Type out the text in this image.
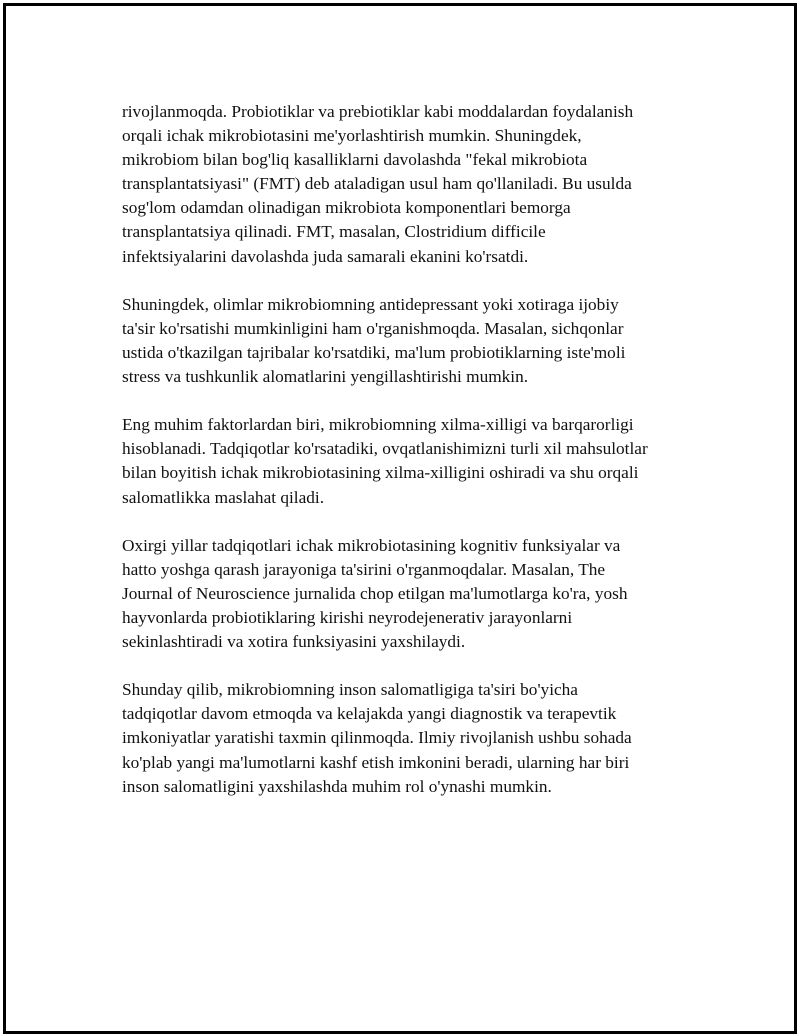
rivojlanmoqda. Probiotiklar va prebiotiklar kabi moddalardan foydalanish
orqali ichak mikrobiotasini me'yorlashtirish mumkin. Shuningdek,
mikrobiom bilan bog'liq kasalliklarni davolashda "fekal mikrobiota
transplantatsiyasi" (FMT) deb ataladigan usul ham qo'llaniladi. Bu usulda
sog'lom odamdan olinadigan mikrobiota komponentlari bemorga
transplantatsiya qilinadi. FMT, masalan, Clostridium difficile
infektsiyalarini davolashda juda samarali ekanini ko'rsatdi.

Shuningdek, olimlar mikrobiomning antidepressant yoki xotiraga ijobiy
ta'sir ko'rsatishi mumkinligini ham o'rganishmoqda. Masalan, sichqonlar
ustida o'tkazilgan tajribalar ko'rsatdiki, ma'lum probiotiklarning iste'moli
stress va tushkunlik alomatlarini yengillashtirishi mumkin.

Eng muhim faktorlardan biri, mikrobiomning xilma-xilligi va barqarorligi
hisoblanadi. Tadqiqotlar ko'rsatadiki, ovqatlanishimizni turli xil mahsulotlar
bilan boyitish ichak mikrobiotasining xilma-xilligini oshiradi va shu orqali
salomatlikka maslahat qiladi.

Oxirgi yillar tadqiqotlari ichak mikrobiotasining kognitiv funksiyalar va
hatto yoshga qarash jarayoniga ta'sirini o'rganmoqdalar. Masalan, The
Journal of Neuroscience jurnalida chop etilgan ma'lumotlarga ko'ra, yosh
hayvonlarda probiotiklaring kirishi neyrodejenerativ jarayonlarni
sekinlashtiradi va xotira funksiyasini yaxshilaydi.

Shunday qilib, mikrobiomning inson salomatligiga ta'siri bo'yicha
tadqiqotlar davom etmoqda va kelajakda yangi diagnostik va terapevtik
imkoniyatlar yaratishi taxmin qilinmoqda. Ilmiy rivojlanish ushbu sohada
ko'plab yangi ma'lumotlarni kashf etish imkonini beradi, ularning har biri
inson salomatligini yaxshilashda muhim rol o'ynashi mumkin.
